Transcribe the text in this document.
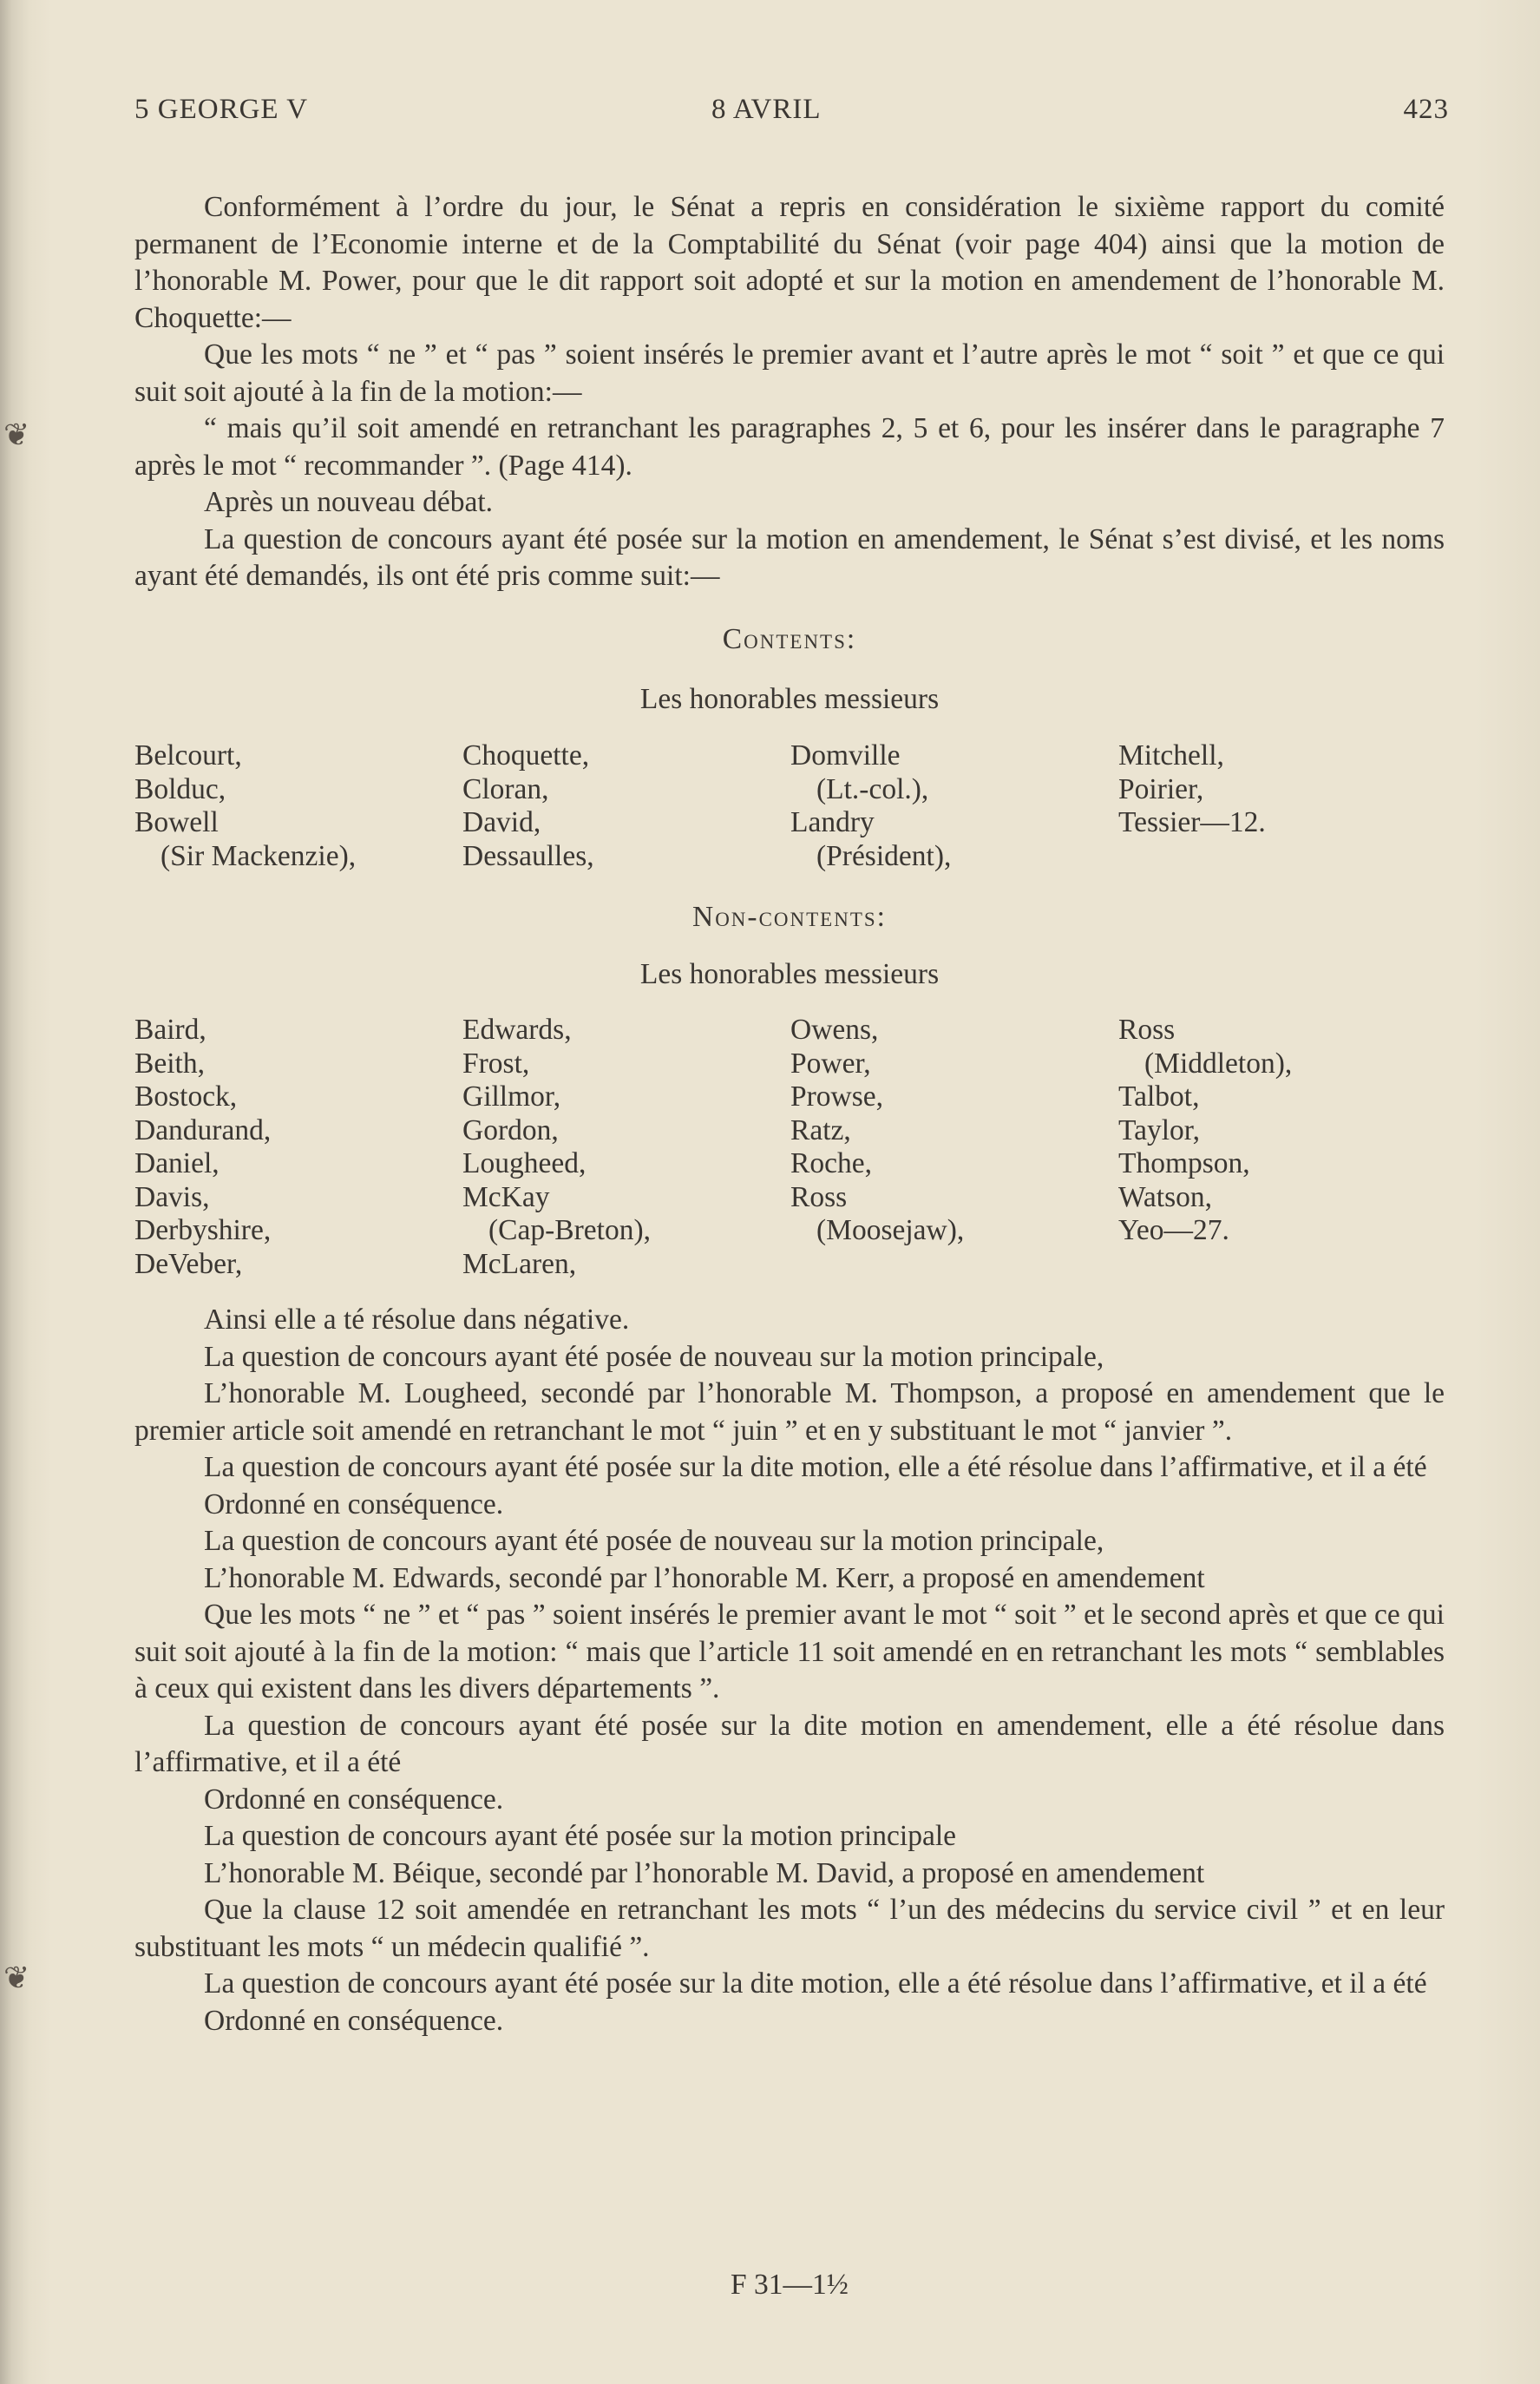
❦
❦
5 GEORGE V	8 AVRIL	423

Conformément à l’ordre du jour, le Sénat a repris en considération le sixième rapport du comité permanent de l’Economie interne et de la Comptabilité du Sénat (voir page 404) ainsi que la motion de l’honorable M. Power, pour que le dit rapport soit adopté et sur la motion en amendement de l’honorable M. Choquette:—

Que les mots “ ne ” et “ pas ” soient insérés le premier avant et l’autre après le mot “ soit ” et que ce qui suit soit ajouté à la fin de la motion:—

“ mais qu’il soit amendé en retranchant les paragraphes 2, 5 et 6, pour les insérer dans le paragraphe 7 après le mot “ recommander ”. (Page 414).

Après un nouveau débat.

La question de concours ayant été posée sur la motion en amendement, le Sénat s’est divisé, et les noms ayant été demandés, ils ont été pris comme suit:—

Contents:
Les honorables messieurs
Belcourt,
Bolduc,
Bowell
(Sir Mackenzie),
Choquette,
Cloran,
David,
Dessaulles,
Domville
(Lt.-col.),
Landry
(Président),
Mitchell,
Poirier,
Tessier—12.
Non-contents:
Les honorables messieurs
Baird,
Beith,
Bostock,
Dandurand,
Daniel,
Davis,
Derbyshire,
DeVeber,
Edwards,
Frost,
Gillmor,
Gordon,
Lougheed,
McKay
(Cap-Breton),
McLaren,
Owens,
Power,
Prowse,
Ratz,
Roche,
Ross
(Moosejaw),
Ross
(Middleton),
Talbot,
Taylor,
Thompson,
Watson,
Yeo—27.

Ainsi elle a té résolue dans négative.

La question de concours ayant été posée de nouveau sur la motion principale,

L’honorable M. Lougheed, secondé par l’honorable M. Thompson, a proposé en amendement que le premier article soit amendé en retranchant le mot “ juin ” et en y substituant le mot “ janvier ”.

La question de concours ayant été posée sur la dite motion, elle a été résolue dans l’affirmative, et il a été

Ordonné en conséquence.

La question de concours ayant été posée de nouveau sur la motion principale,

L’honorable M. Edwards, secondé par l’honorable M. Kerr, a proposé en amendement

Que les mots “ ne ” et “ pas ” soient insérés le premier avant le mot “ soit ” et le second après et que ce qui suit soit ajouté à la fin de la motion: “ mais que l’article 11 soit amendé en en retranchant les mots “ semblables à ceux qui existent dans les divers départements ”.

La question de concours ayant été posée sur la dite motion en amendement, elle a été résolue dans l’affirmative, et il a été

Ordonné en conséquence.

La question de concours ayant été posée sur la motion principale

L’honorable M. Béique, secondé par l’honorable M. David, a proposé en amendement

Que la clause 12 soit amendée en retranchant les mots “ l’un des médecins du service civil ” et en leur substituant les mots “ un médecin qualifié ”.

La question de concours ayant été posée sur la dite motion, elle a été résolue dans l’affirmative, et il a été

Ordonné en conséquence.

F 31—1½
